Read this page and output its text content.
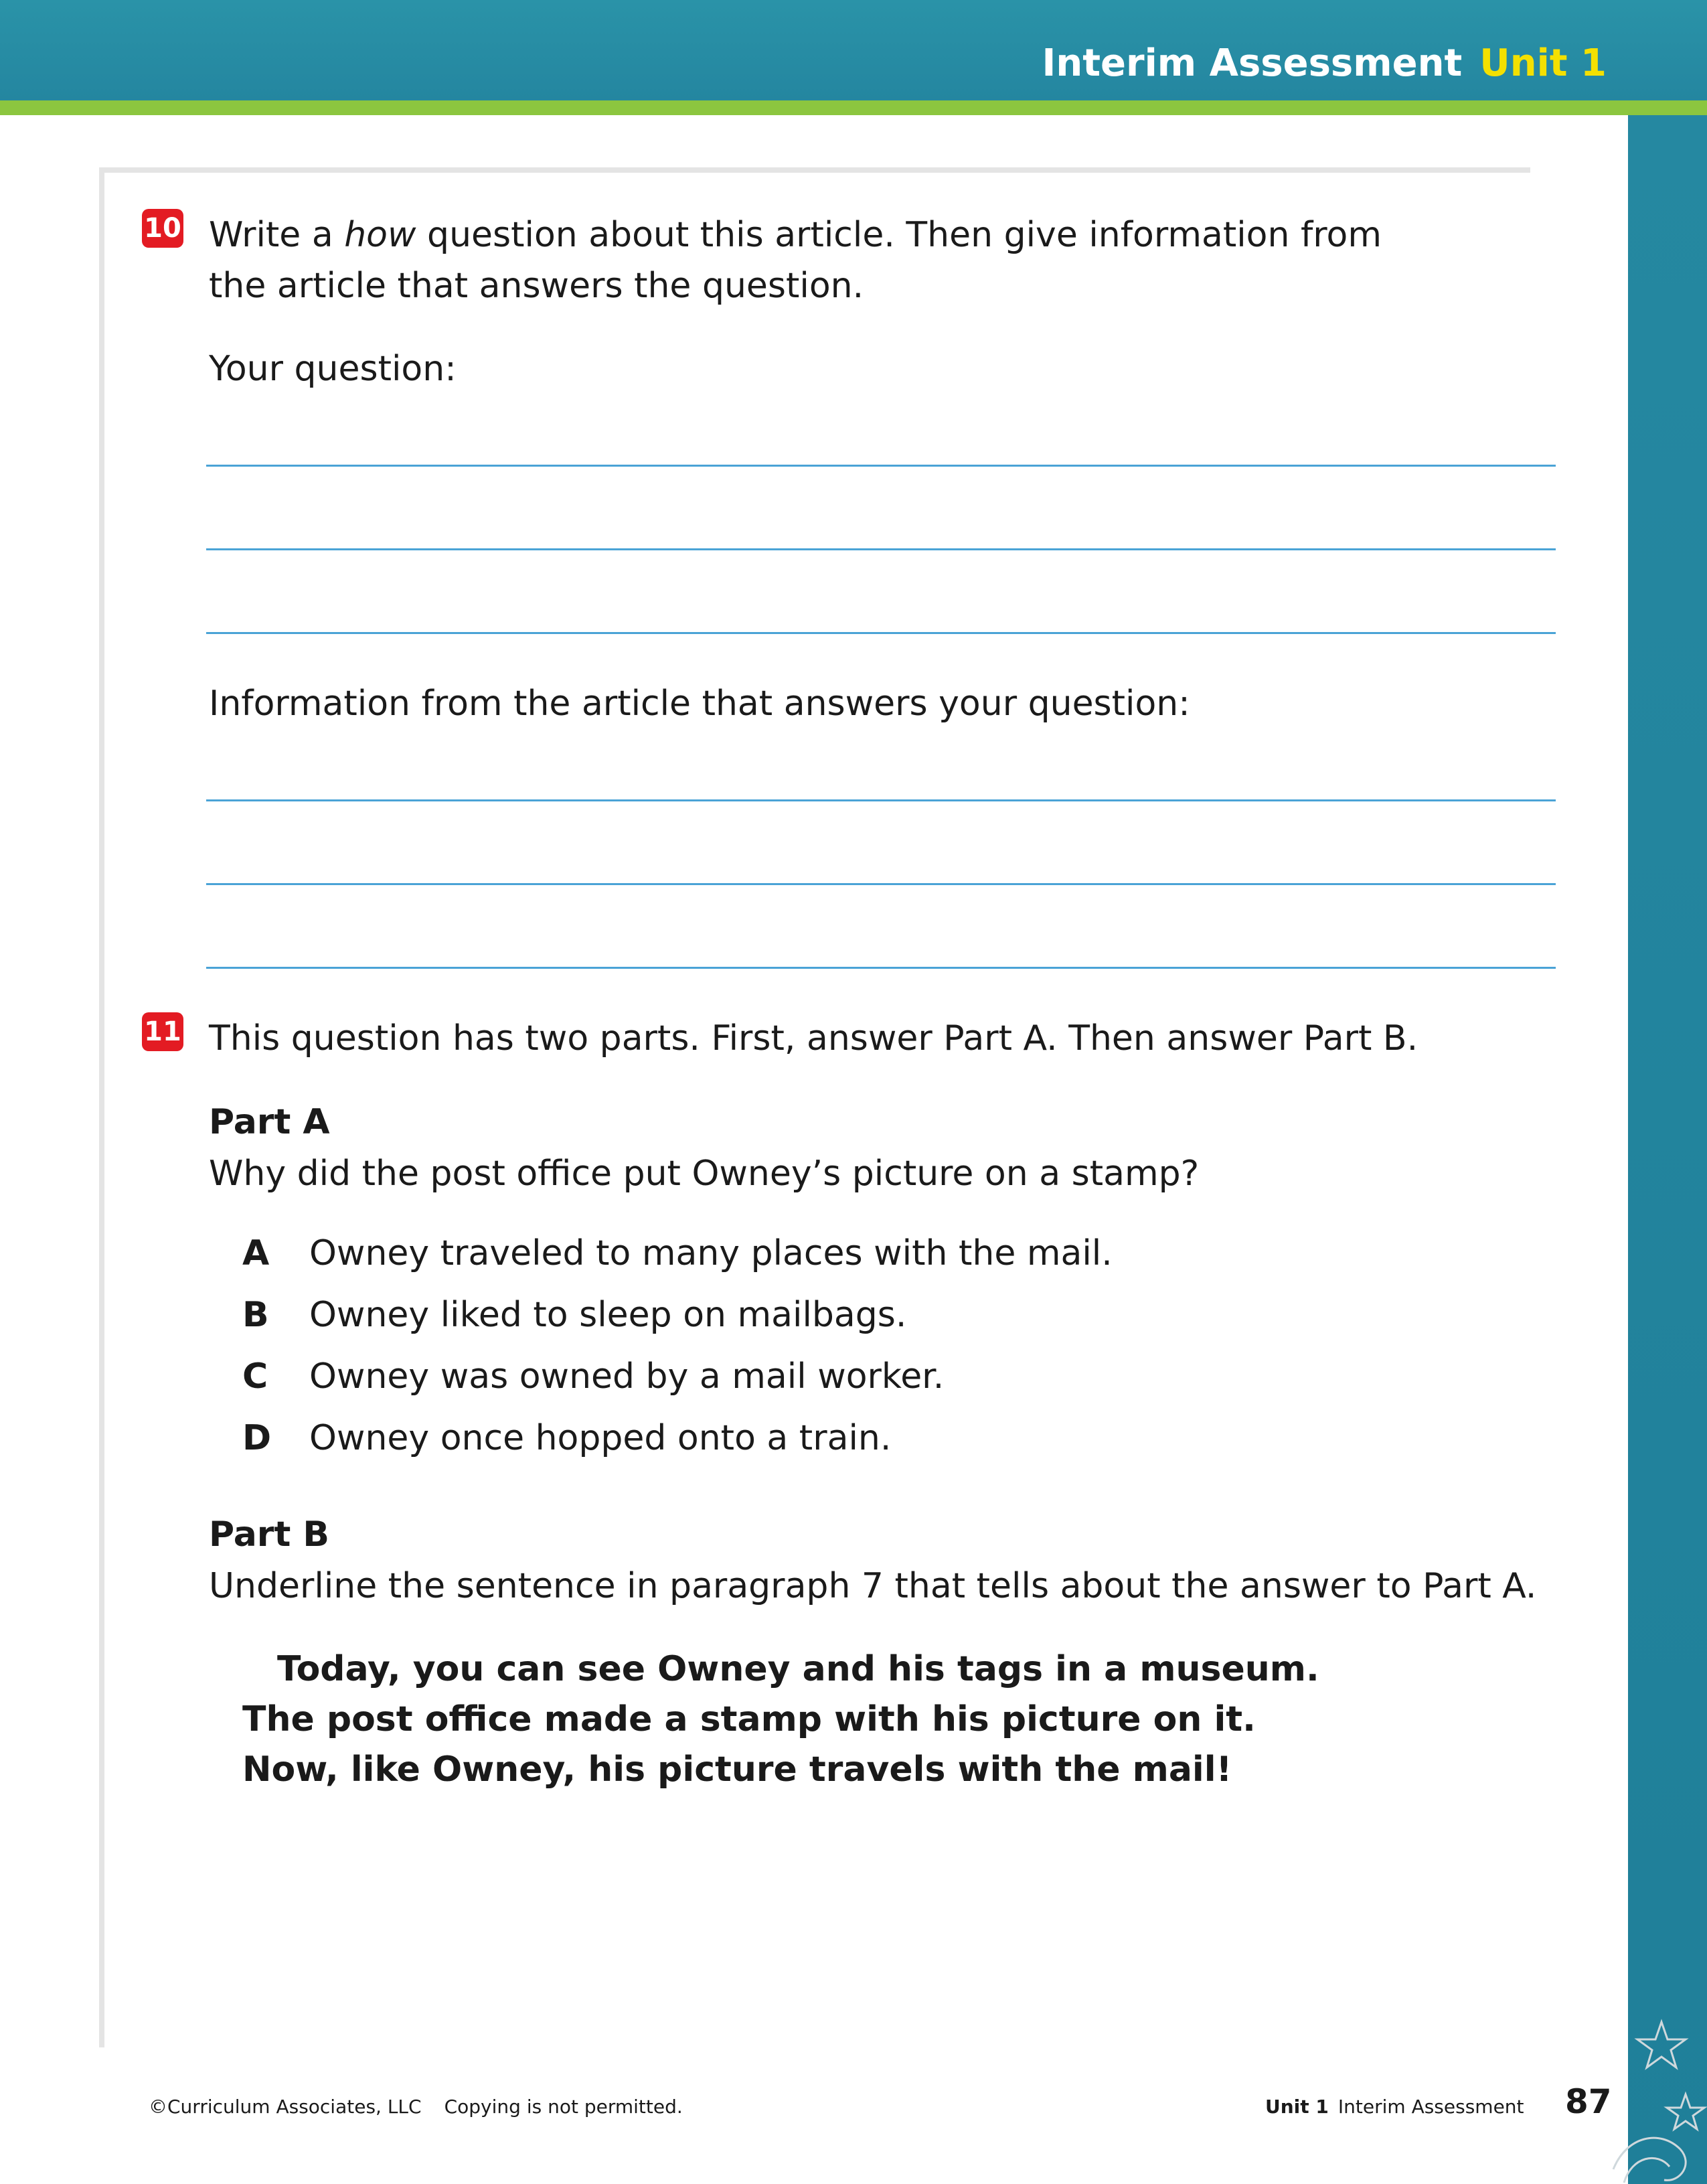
Interim Assessment Unit 1
10 Write a how question about this article. Then give information from
the article that answers the question.
Your question:
Information from the article that answers your question:
11 This question has two parts. First, answer Part A. Then answer Part B.
Part A
Why did the post office put Owney’s picture on a stamp?
A Owney traveled to many places with the mail.
B Owney liked to sleep on mailbags.
C Owney was owned by a mail worker.
D Owney once hopped onto a train.
Part B
Underline the sentence in paragraph 7 that tells about the answer to Part A.
Today, you can see Owney and his tags in a museum.
The post office made a stamp with his picture on it.
Now, like Owney, his picture travels with the mail!
©Curriculum Associates, LLC Copying is not permitted.	Unit 1 Interim Assessment 87
